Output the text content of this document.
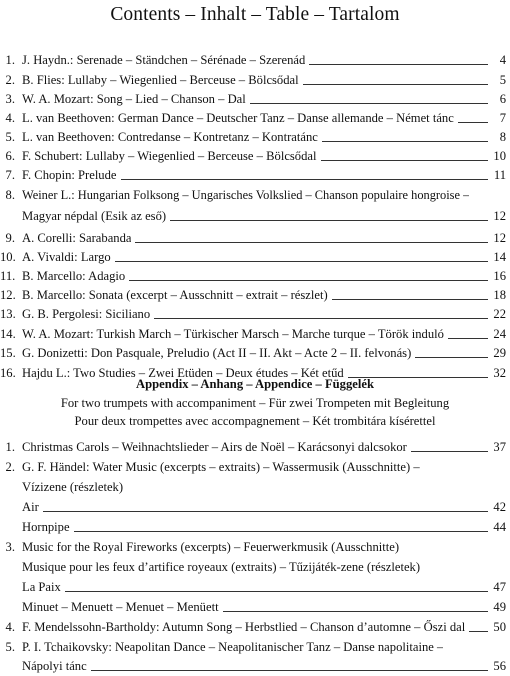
Contents – Inhalt – Table – Tartalom
1. J. Haydn.: Serenade – Ständchen – Sérénade – Szerenád	4
2. B. Flies: Lullaby – Wiegenlied – Berceuse – Bölcsődal	5
3. W. A. Mozart: Song – Lied – Chanson – Dal	6
4. L. van Beethoven: German Dance – Deutscher Tanz – Danse allemande – Német tánc	7
5. L. van Beethoven: Contredanse – Kontretanz – Kontratánc	8
6. F. Schubert: Lullaby – Wiegenlied – Berceuse – Bölcsődal	10
7. F. Chopin: Prelude	11
8. Weiner L.: Hungarian Folksong – Ungarisches Volkslied – Chanson populaire hongroise –
Magyar népdal (Esik az eső)	12
9. A. Corelli: Sarabanda	12
10. A. Vivaldi: Largo	14
11. B. Marcello: Adagio	16
12. B. Marcello: Sonata (excerpt – Ausschnitt – extrait – részlet)	18
13. G. B. Pergolesi: Siciliano	22
14. W. A. Mozart: Turkish March – Türkischer Marsch – Marche turque – Török induló	24
15. G. Donizetti: Don Pasquale, Preludio (Act II – II. Akt – Acte 2 – II. felvonás)	29
16. Hajdu L.: Two Studies – Zwei Etüden – Deux études – Két etűd	32
Appendix – Anhang – Appendice – Függelék
For two trumpets with accompaniment – Für zwei Trompeten mit Begleitung
Pour deux trompettes avec accompagnement – Két trombitára kísérettel
1. Christmas Carols – Weihnachtslieder – Airs de Noël – Karácsonyi dalcsokor	37
2. G. F. Händel: Water Music (excerpts – extraits) – Wassermusik (Ausschnitte) –
Vízizene (részletek)
Air	42
Hornpipe	44
3. Music for the Royal Fireworks (excerpts) – Feuerwerkmusik (Ausschnitte)
Musique pour les feux d’artifice royeaux (extraits) – Tűzijáték-zene (részletek)
La Paix	47
Minuet – Menuett – Menuet – Menüett	49
4. F. Mendelssohn-Bartholdy: Autumn Song – Herbstlied – Chanson d’automne – Őszi dal	50
5. P. I. Tchaikovsky: Neapolitan Dance – Neapolitanischer Tanz – Danse napolitaine –
Nápolyi tánc	56
